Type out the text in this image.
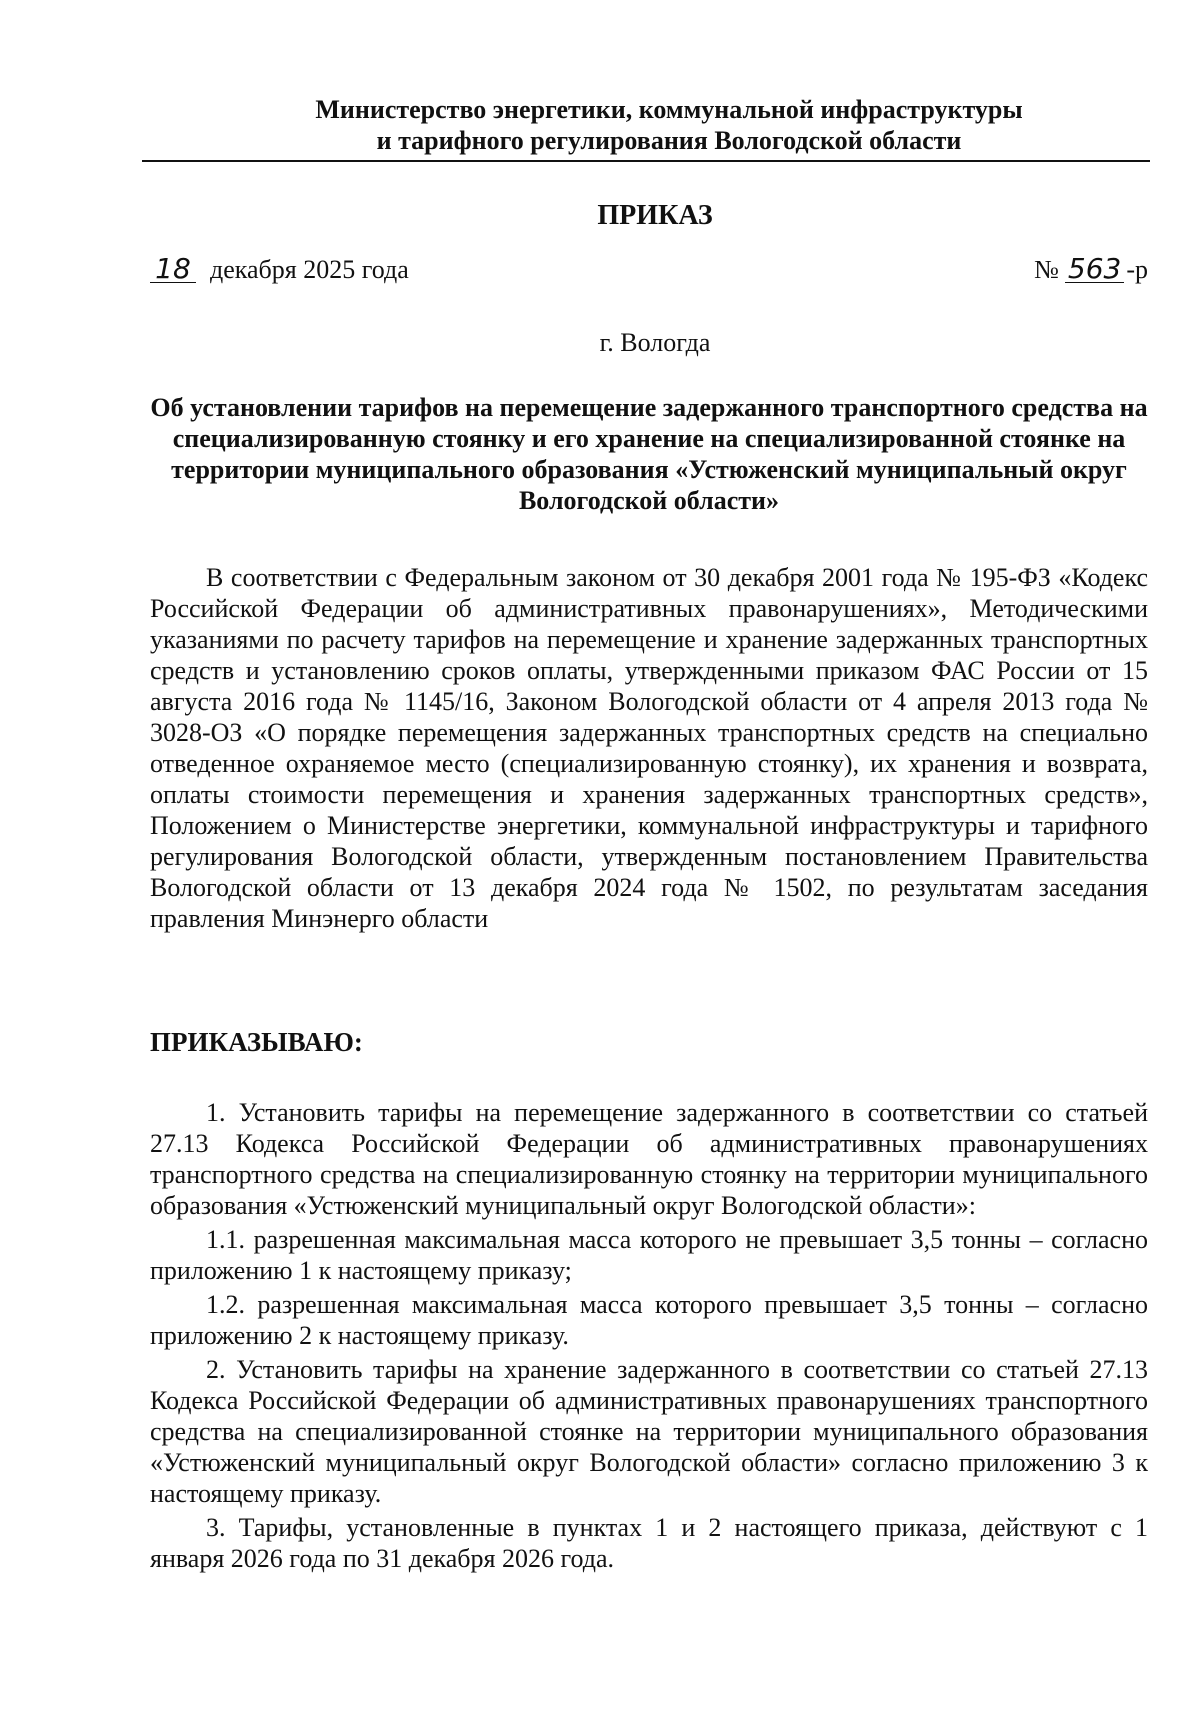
Министерство энергетики, коммунальной инфраструктуры
и тарифного регулирования Вологодской области
ПРИКАЗ
18 декабря 2025 года	№ 563 -р
г. Вологда

Об установлении тарифов на перемещение задержанного транспортного средства на специализированную стоянку и его хранение на специализированной стоянке на территории муниципального образования «Устюженский муниципальный округ Вологодской области»

В соответствии с Федеральным законом от 30 декабря 2001 года № 195-ФЗ «Кодекс Российской Федерации об административных правонарушениях», Методическими указаниями по расчету тарифов на перемещение и хранение задержанных транспортных средств и установлению сроков оплаты, утвержденными приказом ФАС России от 15 августа 2016 года № 1145/16, Законом Вологодской области от 4 апреля 2013 года № 3028-ОЗ «О порядке перемещения задержанных транспортных средств на специально отведенное охраняемое место (специализированную стоянку), их хранения и возврата, оплаты стоимости перемещения и хранения задержанных транспортных средств», Положением о Министерстве энергетики, коммунальной инфраструктуры и тарифного регулирования Вологодской области, утвержденным постановлением Правительства Вологодской области от 13 декабря 2024 года № 1502, по результатам заседания правления Минэнерго области

ПРИКАЗЫВАЮ:

1. Установить тарифы на перемещение задержанного в соответствии со статьей 27.13 Кодекса Российской Федерации об административных правонарушениях транспортного средства на специализированную стоянку на территории муниципального образования «Устюженский муниципальный округ Вологодской области»:

1.1. разрешенная максимальная масса которого не превышает 3,5 тонны – согласно приложению 1 к настоящему приказу;

1.2. разрешенная максимальная масса которого превышает 3,5 тонны – согласно приложению 2 к настоящему приказу.

2. Установить тарифы на хранение задержанного в соответствии со статьей 27.13 Кодекса Российской Федерации об административных правонарушениях транспортного средства на специализированной стоянке на территории муниципального образования «Устюженский муниципальный округ Вологодской области» согласно приложению 3 к настоящему приказу.

3. Тарифы, установленные в пунктах 1 и 2 настоящего приказа, действуют с 1 января 2026 года по 31 декабря 2026 года.
